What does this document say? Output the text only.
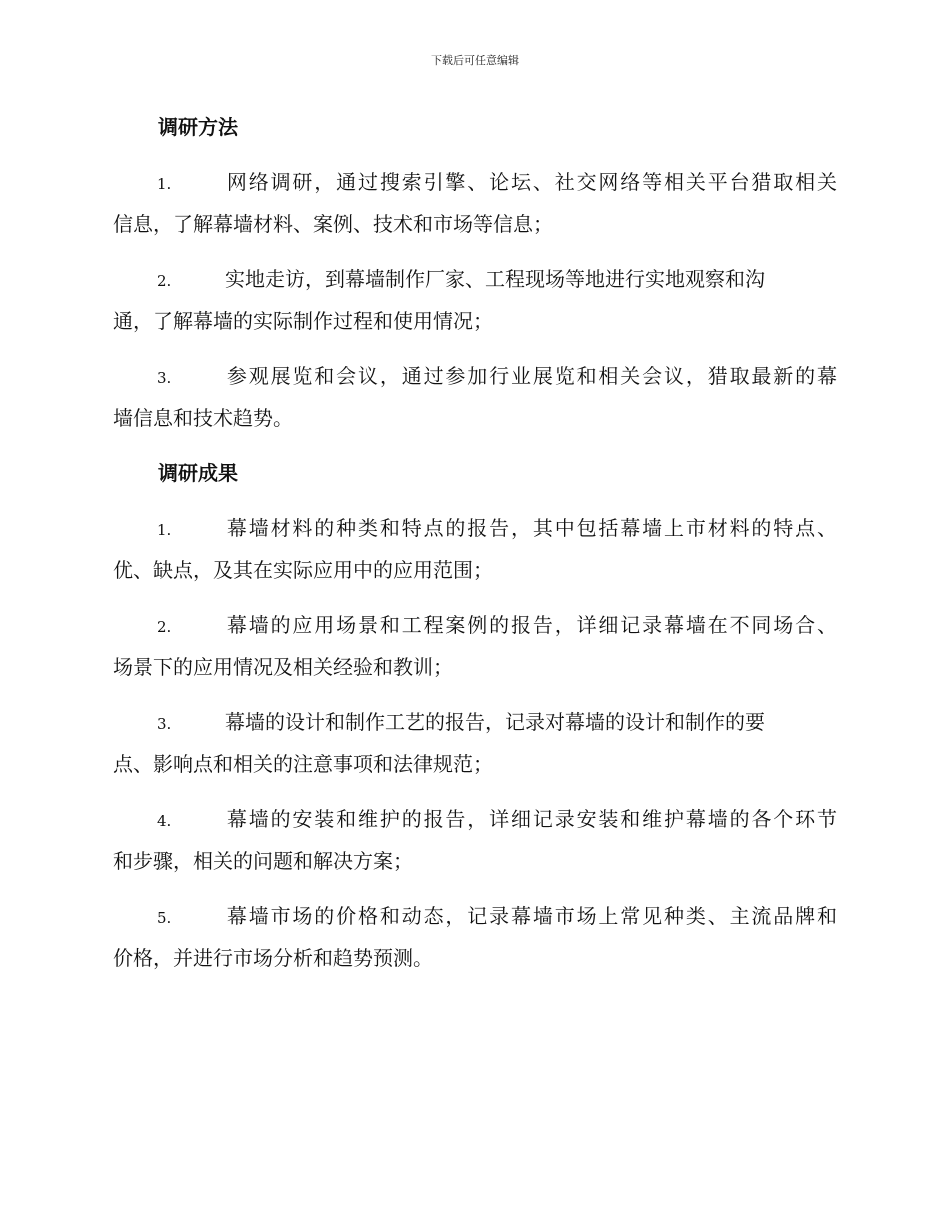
下载后可任意编辑
调研方法
1.	网络调研，通过搜索引擎、论坛、社交网络等相关平台猎取相关
信息，了解幕墙材料、案例、技术和市场等信息；
2.	实地走访，到幕墙制作厂家、工程现场等地进行实地观察和沟
通，了解幕墙的实际制作过程和使用情况；
3.	参观展览和会议，通过参加行业展览和相关会议，猎取最新的幕
墙信息和技术趋势。
调研成果
1.	幕墙材料的种类和特点的报告，其中包括幕墙上市材料的特点、
优、缺点，及其在实际应用中的应用范围；
2.	幕墙的应用场景和工程案例的报告，详细记录幕墙在不同场合、
场景下的应用情况及相关经验和教训；
3.	幕墙的设计和制作工艺的报告，记录对幕墙的设计和制作的要
点、影响点和相关的注意事项和法律规范；
4.	幕墙的安装和维护的报告，详细记录安装和维护幕墙的各个环节
和步骤，相关的问题和解决方案；
5.	幕墙市场的价格和动态，记录幕墙市场上常见种类、主流品牌和
价格，并进行市场分析和趋势预测。
